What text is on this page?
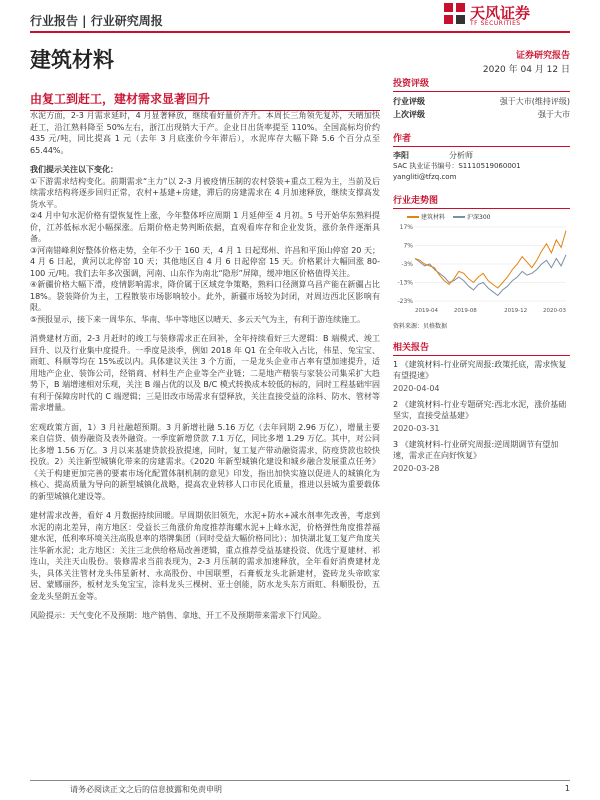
行业报告 | 行业研究周报	天风证券
TF SECURITIES
建筑材料	证券研究报告
2020 年 04 月 12 日
由复工到赶工，建材需求显著回升

水泥方面，2-3 月需求延时，4 月显著释放，继续看好量价齐升。本周长三角领先复苏，天晴加快赶工，沿江熟料降至 50%左右，浙江出现销大于产。企业日出货率提至 110%。全国高标均价约 435 元/吨，同比提高 1 元（去年 3 月底涨价今年滞后），水泥库存大幅下降 5.6 个百分点至 65.44%。

我们提示关注以下变化：

①下游需求结构变化。前期需求“主力”以 2-3 月被疫情压制的农村袋装+重点工程为主，当前及后续需求结构将逐步回归正常，农村+基建+房建，滞后的房建需求在 4 月加速释放，继续支撑高发货水平。

②4 月中旬水泥价格有望恢复性上涨，今年整体呼应周期 1 月延伸至 4 月初。5 号开始华东熟料提价，江苏低标水泥小幅探涨。后期价格走势判断依据，直观看库存和企业发货，涨价条件逐渐具备。

③河南错峰利好整体价格走势，全年不少于 160 天，4 月 1 日起郑州、许昌和平顶山停窑 20 天；4 月 6 日起，黄河以北停窑 10 天；其他地区自 4 月 6 日起停窑 15 天。价格累计大幅回涨 80-100 元/吨。我们去年多次强调，河南、山东作为南北“隐形”屏障，缓冲地区价格值得关注。

④新疆价格大幅下滑，疫情影响需求，降价属于区域竞争策略，熟料口径测算乌昌产能在新疆占比 18%。袋装降价为主，工程散装市场影响较小。此外，新疆市场较为封闭，对周边西北区影响有限。

⑤预报显示，接下来一周华东、华南、华中等地区以晴天、多云天气为主，有利于游连续施工。

消费建材方面，2-3 月赶时的竣工与装修需求正在回补，全年持续看好三大逻辑：B 端模式、竣工回升、以及行业集中度提升。一季度是淡季，例如 2018 年 Q1 在全年收入占比，伟星、兔宝宝、雨虹、科顺等均在 15%或以内。具体建议关注 3 个方面，一是龙头企业市占率有望加速提升，适用地产企业、装饰公司，经销商、材料生产企业等全产业链；二是地产精装与家装公司集采扩大趋势下，B 端增速相对乐观，关注 B 端占优的以及 B/C 模式转换成本较低的标的，同时工程基础牢固有利于保障房时代的 C 端逻辑；三是旧改市场需求有望释放，关注直接受益的涂料、防水、管材等需求增量。

宏观政策方面，1）3 月社融超预期。3 月新增社融 5.16 万亿（去年同期 2.96 万亿），增量主要来自信贷、债券融资及表外融资。一季度新增贷款 7.1 万亿，同比多增 1.29 万亿。其中，对公同比多增 1.56 万亿。3 月以来基建贷款投放提速，同时，复工复产带动融资需求，防疫贷款也较快投放。2）关注新型城镇化带来的房建需求。《2020 年新型城镇化建设和城乡融合发展重点任务》《关于构建更加完善的要素市场化配置体制机制的意见》印发，指出加快实施以促进人的城镇化为核心、提高质量为导向的新型城镇化战略，提高农业转移人口市民化质量，推进以县城为重要载体的新型城镇化建设等。

建材需求改善，看好 4 月数据持续回暖。早周期依旧领先，水泥+防水+减水剂率先改善，考虑到水泥的南北差异，南方地区：受益长三角涨价角度推荐海螺水泥+上峰水泥，价格弹性角度推荐福建水泥，低利率环境关注高股息率的塔牌集团（同时受益大幅价格同比）；加快湖北复工复产角度关注华新水泥；北方地区：关注三北供给格局改善逻辑，重点推荐受益基建投资、优选宁夏建材、祁连山，关注天山股份。装修需求当前表现为，2-3 月压制的需求加速释放，全年看好消费建材龙头，具体关注管材龙头伟星新材、永高股份、中国联塑，石膏板龙头北新建材，瓷砖龙头帝欧家居、蒙娜丽莎，板材龙头兔宝宝，涂料龙头三棵树、亚士创能，防水龙头东方雨虹、科顺股份，五金龙头坚朗五金等。

风险提示：天气变化不及预期：地产销售、拿地、开工不及预期带来需求下行风险。

投资评级
行业评级	强于大市(维持评级)
上次评级	强于大市
作者
李阳	分析师
SAC 执业证书编号：S1110519060001
yangliti@tfzq.com
行业走势图
建筑材料	沪深300
17%
7%
-3%
-13%
-23%
2019-04	2019-08	2019-12	2020-03
资料来源：贝格数据
相关报告

1 《建筑材料-行业研究周报:政策托底，需求恢复有望提速》

2020-04-04

2 《建筑材料-行业专题研究:西北水泥，涨价基础坚实，直接受益基建》

2020-03-31

3 《建筑材料-行业研究周报:逆周期调节有望加速，需求正在向好恢复》

2020-03-28

请务必阅读正文之后的信息披露和免责申明	1
